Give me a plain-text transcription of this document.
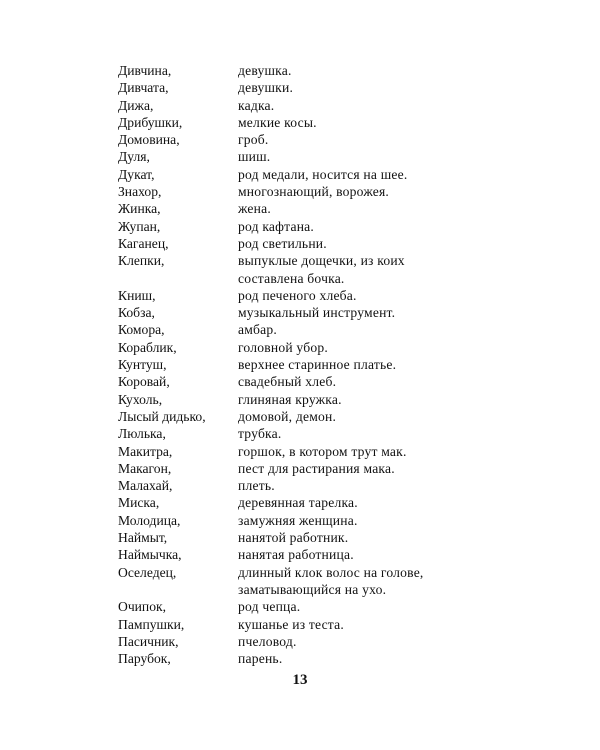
Дивчина,	девушка.
Дивчата,	девушки.
Дижа,	кадка.
Дрибушки,	мелкие косы.
Домовина,	гроб.
Дуля,	шиш.
Дукат,	род медали, носится на шее.
Знахор,	многознающий, ворожея.
Жинка,	жена.
Жупан,	род кафтана.
Каганец,	род светильни.
Клепки,	выпуклые дощечки, из коих
составлена бочка.
Книш,	род печеного хлеба.
Кобза,	музыкальный инструмент.
Комора,	амбар.
Кораблик,	головной убор.
Кунтуш,	верхнее старинное платье.
Коровай,	свадебный хлеб.
Кухоль,	глиняная кружка.
Лысый дидько,	домовой, демон.
Люлька,	трубка.
Макитра,	горшок, в котором трут мак.
Макагон,	пест для растирания мака.
Малахай,	плеть.
Миска,	деревянная тарелка.
Молодица,	замужняя женщина.
Наймыт,	нанятой работник.
Наймычка,	нанятая работница.
Оселедец,	длинный клок волос на голове,
заматывающийся на ухо.
Очипок,	род чепца.
Пампушки,	кушанье из теста.
Пасичник,	пчеловод.
Парубок,	парень.
13
